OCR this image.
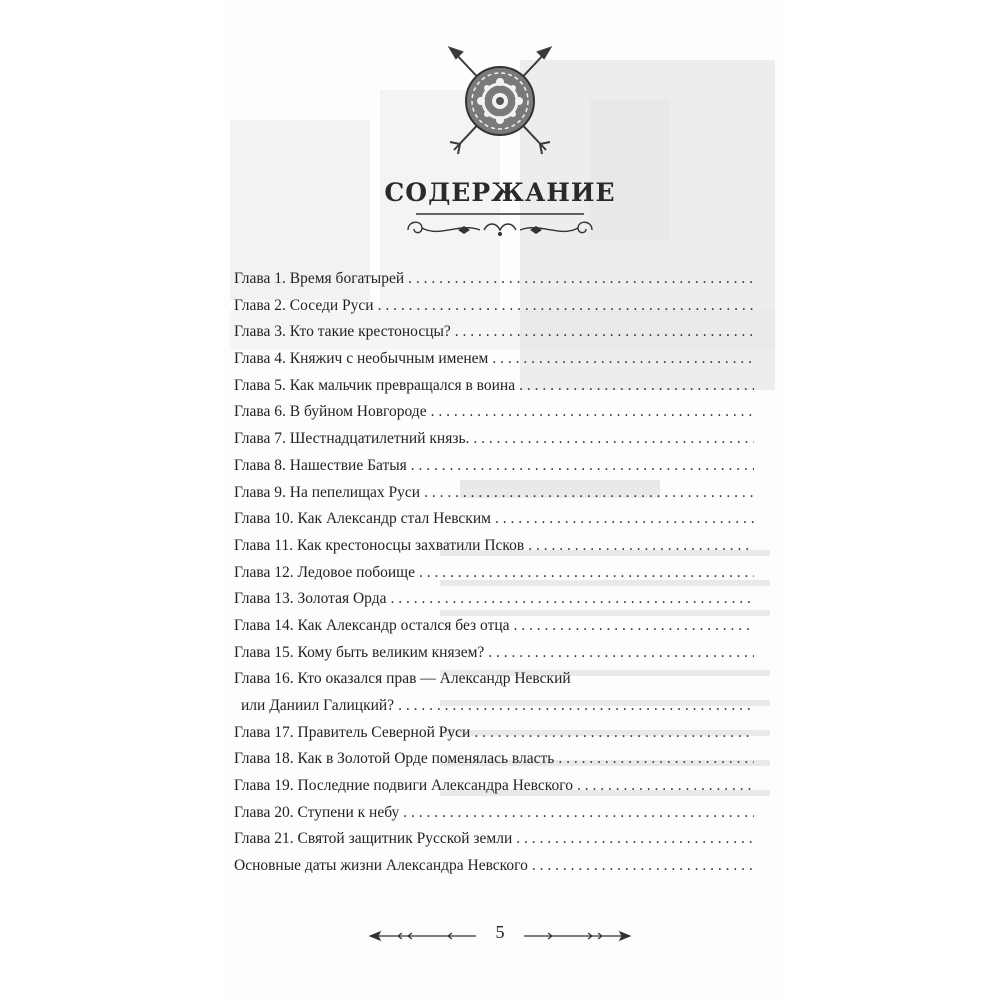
СОДЕРЖАНИЕ
Глава 1. Время богатырей
. . .
Глава 2. Соседи Руси
. . .
Глава 3. Кто такие крестоносцы?
. . .
Глава 4. Княжич с необычным именем
. . .
Глава 5. Как мальчик превращался в воина
. . .
Глава 6. В буйном Новгороде
. . .
Глава 7. Шестнадцатилетний князь.
. . .
Глава 8. Нашествие Батыя
. . .
Глава 9. На пепелищах Руси
. . .
Глава 10. Как Александр стал Невским
. . .
Глава 11. Как крестоносцы захватили Псков
. . .
Глава 12. Ледовое побоище
. . .
Глава 13. Золотая Орда
. . .
Глава 14. Как Александр остался без отца
. . .
Глава 15. Кому быть великим князем?
. . .
Глава 16. Кто оказался прав — Александр Невский
или Даниил Галицкий?
. . .
Глава 17. Правитель Северной Руси
. . .
Глава 18. Как в Золотой Орде поменялась власть
. . .
Глава 19. Последние подвиги Александра Невского
. . .
Глава 20. Ступени к небу
. . .
Глава 21. Святой защитник Русской земли
. . .
Основные даты жизни Александра Невского
. . .
5
